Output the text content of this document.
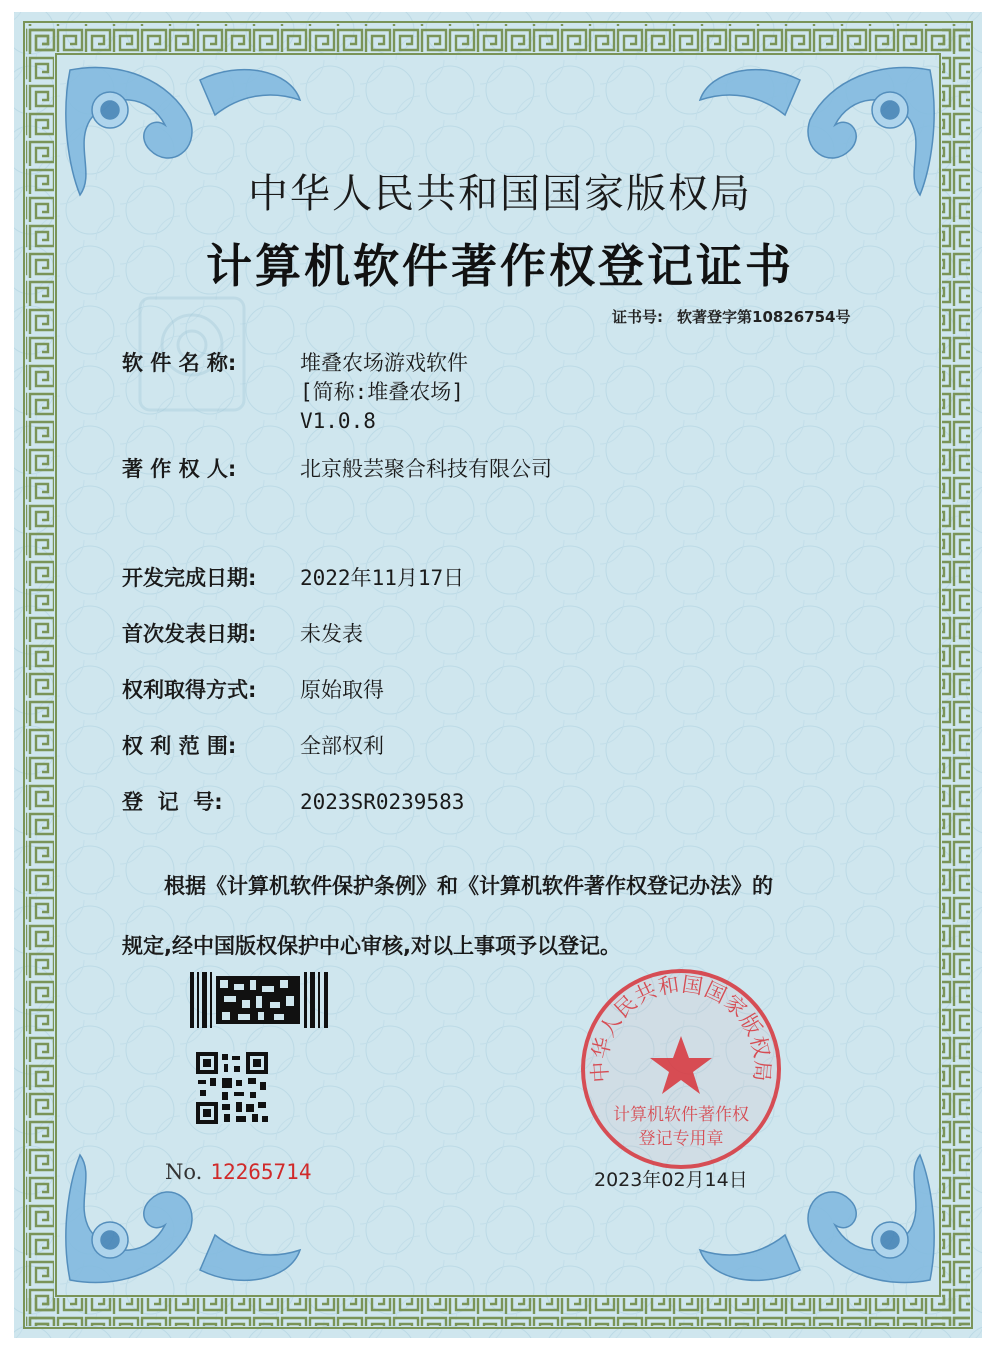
中华人民共和国国家版权局
计算机软件著作权登记证书
证书号: 软著登字第10826754号
软 件 名 称:	堆叠农场游戏软件
[简称:堆叠农场]
V1.0.8
著 作 权 人:	北京般芸聚合科技有限公司
开发完成日期:	2022年11月17日
首次发表日期:	未发表
权利取得方式:	原始取得
权 利 范 围:	全部权利
登  记  号:	2023SR0239583
根据《计算机软件保护条例》和《计算机软件著作权登记办法》的
规定,经中国版权保护中心审核,对以上事项予以登记。
No. 12265714
中华人民共和国国家版权局
计算机软件著作权
登记专用章
2023年02月14日
